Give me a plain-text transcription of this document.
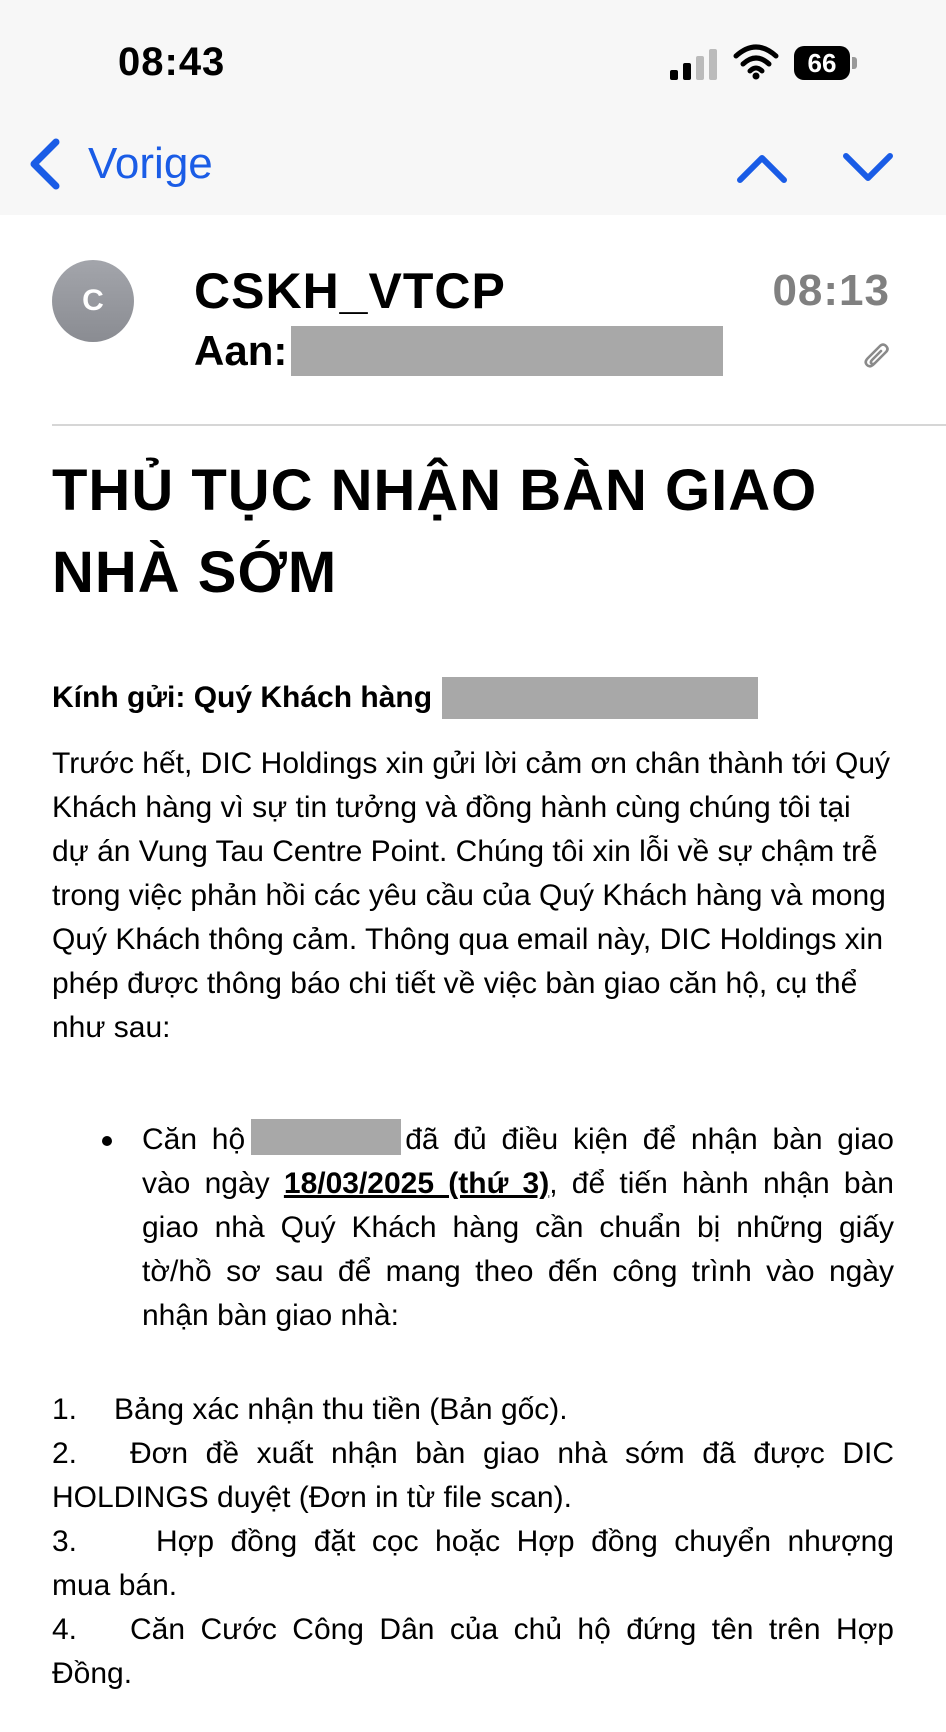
08:43	66
Vorige
C	CSKH_VTCP	08:13
Aan:
THỦ TỤC NHẬN BÀN GIAO NHÀ SỚM

Kính gửi: Quý Khách hàng

Trước hết, DIC Holdings xin gửi lời cảm ơn chân thành tới Quý Khách hàng vì sự tin tưởng và đồng hành cùng chúng tôi tại dự án Vung Tau Centre Point. Chúng tôi xin lỗi về sự chậm trễ trong việc phản hồi các yêu cầu của Quý Khách hàng và mong Quý Khách thông cảm. Thông qua email này, DIC Holdings xin phép được thông báo chi tiết về việc bàn giao căn hộ, cụ thể như sau:

Căn hộ	đã đủ điều kiện để nhận bàn giao vào ngày 18/03/2025 (thứ 3), để tiến hành nhận bàn giao nhà Quý Khách hàng cần chuẩn bị những giấy tờ/hồ sơ sau để mang theo đến công trình vào ngày nhận bàn giao nhà:
1. Bảng xác nhận thu tiền (Bản gốc).
2. Đơn đề xuất nhận bàn giao nhà sớm đã được DIC HOLDINGS duyệt (Đơn in từ file scan).
3.	Hợp đồng đặt cọc hoặc Hợp đồng chuyển nhượng mua bán.
4. Căn Cước Công Dân của chủ hộ đứng tên trên Hợp Đồng.
